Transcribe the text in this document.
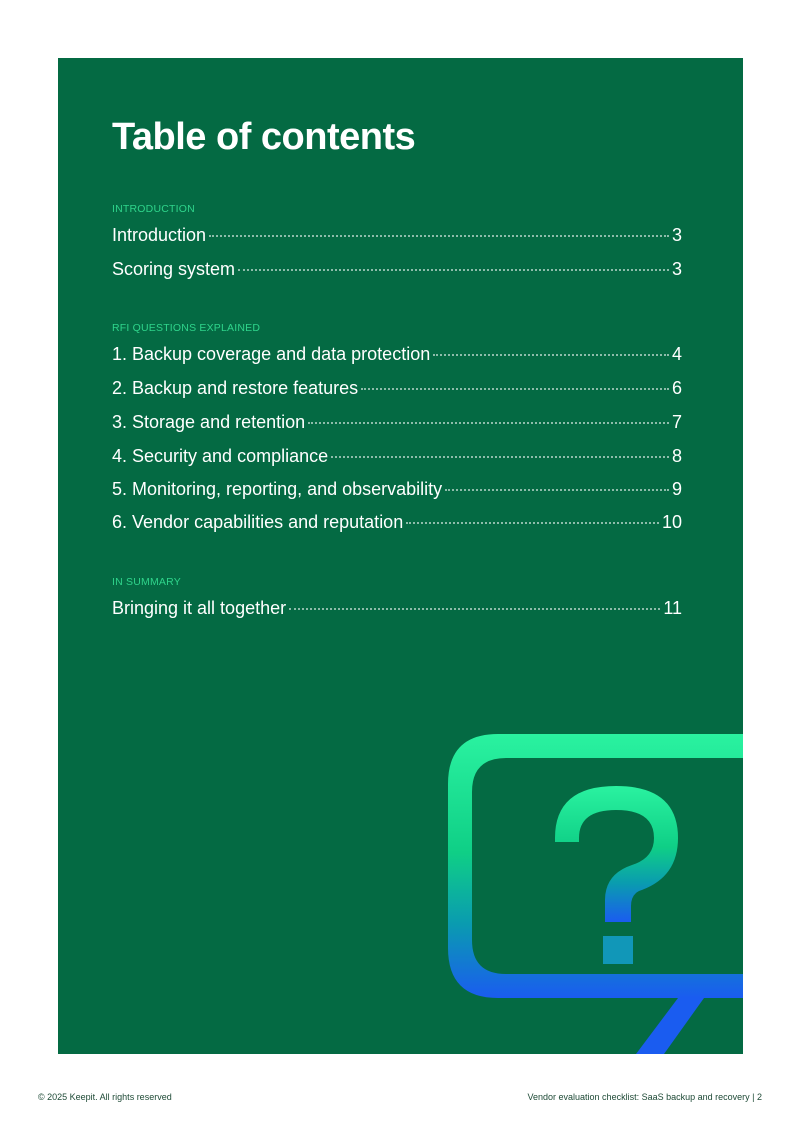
Table of contents

INTRODUCTION

Introduction	3
Scoring system	3

RFI QUESTIONS EXPLAINED

1. Backup coverage and data protection	4
2. Backup and restore features	6
3. Storage and retention	7
4. Security and compliance	8
5. Monitoring, reporting, and observability	9
6. Vendor capabilities and reputation	10

IN SUMMARY

Bringing it all together	11
© 2025 Keepit. All rights reserved	Vendor evaluation checklist: SaaS backup and recovery | 2
